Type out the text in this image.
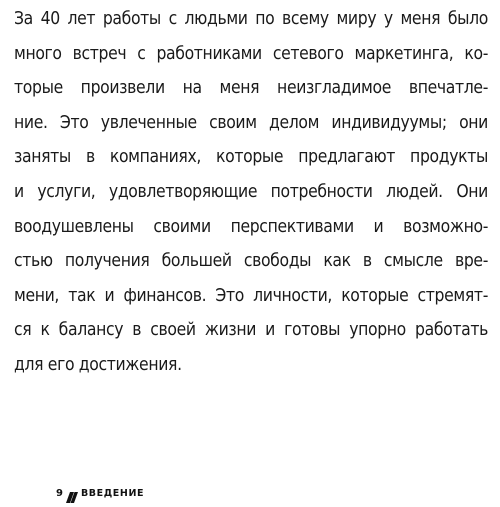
За 40 лет работы с людьми по всему миру у меня было
много встреч с работниками сетевого маркетинга, ко-
торые произвели на меня неизгладимое впечатле-
ние. Это увлеченные своим делом индивидуумы; они
заняты в компаниях, которые предлагают продукты
и услуги, удовлетворяющие потребности людей. Они
воодушевлены своими перспективами и возможно-
стью получения большей свободы как в смысле вре-
мени, так и финансов. Это личности, которые стремят-
ся к балансу в своей жизни и готовы упорно работать
для его достижения.
9 ВВЕДЕНИЕ
